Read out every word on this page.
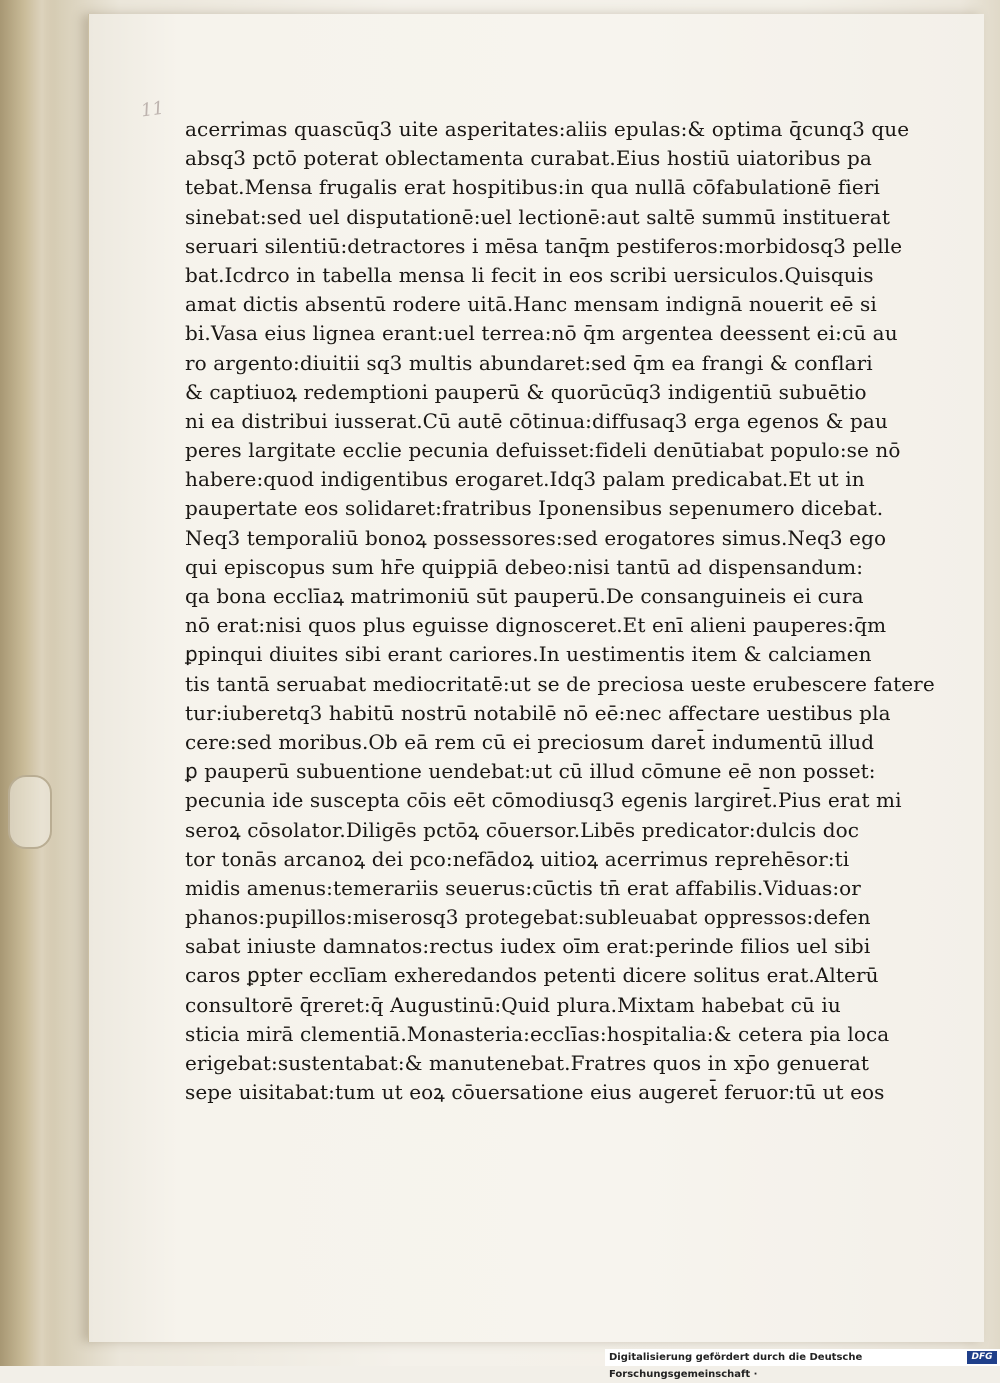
11
acerrimas quascūq3 uite asperitates:aliis epulas:& optima q̄cunq3 que
absq3 pctō poterat oblectamenta curabat.Eius hostiū uiatoribus pa
tebat.Mensa frugalis erat hospitibus:in qua nullā cōfabulationē fieri
sinebat:sed uel disputationē:uel lectionē:aut saltē summū instituerat
seruari silentiū:detractores i mēsa tanq̄m pestiferos:morbidosq3 pelle
bat.Icdrco in tabella mensa li fecit in eos scribi uersiculos.Quisquis
amat dictis absentū rodere uitā.Hanc mensam indignā nouerit eē si
bi.Vasa eius lignea erant:uel terrea:nō q̄m argentea deessent ei:cū au
ro argento:diuitii sq3 multis abundaret:sed q̄m ea frangi & conflari
& captiuoꝝ redemptioni pauperū & quorūcūq3 indigentiū subuētio
ni ea distribui iusserat.Cū autē cōtinua:diffusaq3 erga egenos & pau
peres largitate ecclie pecunia defuisset:fideli denūtiabat populo:se nō
habere:quod indigentibus erogaret.Idq3 palam predicabat.Et ut in
paupertate eos solidaret:fratribus Iponensibus sepenumero dicebat.
Neq3 temporaliū bonoꝝ possessores:sed erogatores simus.Neq3 ego
qui episcopus sum hr̄e quippiā debeo:nisi tantū ad dispensandum:
qa bona ecclīaꝝ matrimoniū sūt pauperū.De consanguineis ei cura
nō erat:nisi quos plus eguisse dignosceret.Et enī alieni pauperes:q̄m
ꝑpinqui diuites sibi erant cariores.In uestimentis item & calciamen
tis tantā seruabat mediocritatē:ut se de preciosa ueste erubescere fatere
tur:iuberetq3 habitū nostrū notabilē nō eē:nec affectare uestibus pla
cere:sed moribus.Ob eā rem cū ei preciosum daret̄ indumentū illud
ꝑ pauperū subuentione uendebat:ut cū illud cōmune eē non posset:
pecunia ide suscepta cōis eēt cōmodiusq3 egenis largiret̄.Pius erat mi
seroꝝ cōsolator.Diligēs pctōꝝ cōuersor.Libēs predicator:dulcis doc
tor tonās arcanoꝝ dei pco:nefādoꝝ uitioꝝ acerrimus reprehēsor:ti
midis amenus:temerariis seuerus:cūctis tn̄ erat affabilis.Viduas:or
phanos:pupillos:miserosq3 protegebat:subleuabat oppressos:defen
sabat iniuste damnatos:rectus iudex oīm erat:perinde filios uel sibi
caros ꝑpter ecclīam exheredandos petenti dicere solitus erat.Alterū
consultorē q̄reret:q̄ Augustinū:Quid plura.Mixtam habebat cū iu
sticia mirā clementiā.Monasteria:ecclīas:hospitalia:& cetera pia loca
erigebat:sustentabat:& manutenebat.Fratres quos in xp̄o genuerat
sepe uisitabat:tum ut eoꝝ cōuersatione eius augeret̄ feruor:tū ut eos
Digitalisierung gefördert durch die Deutsche Forschungsgemeinschaft ·
DFG
